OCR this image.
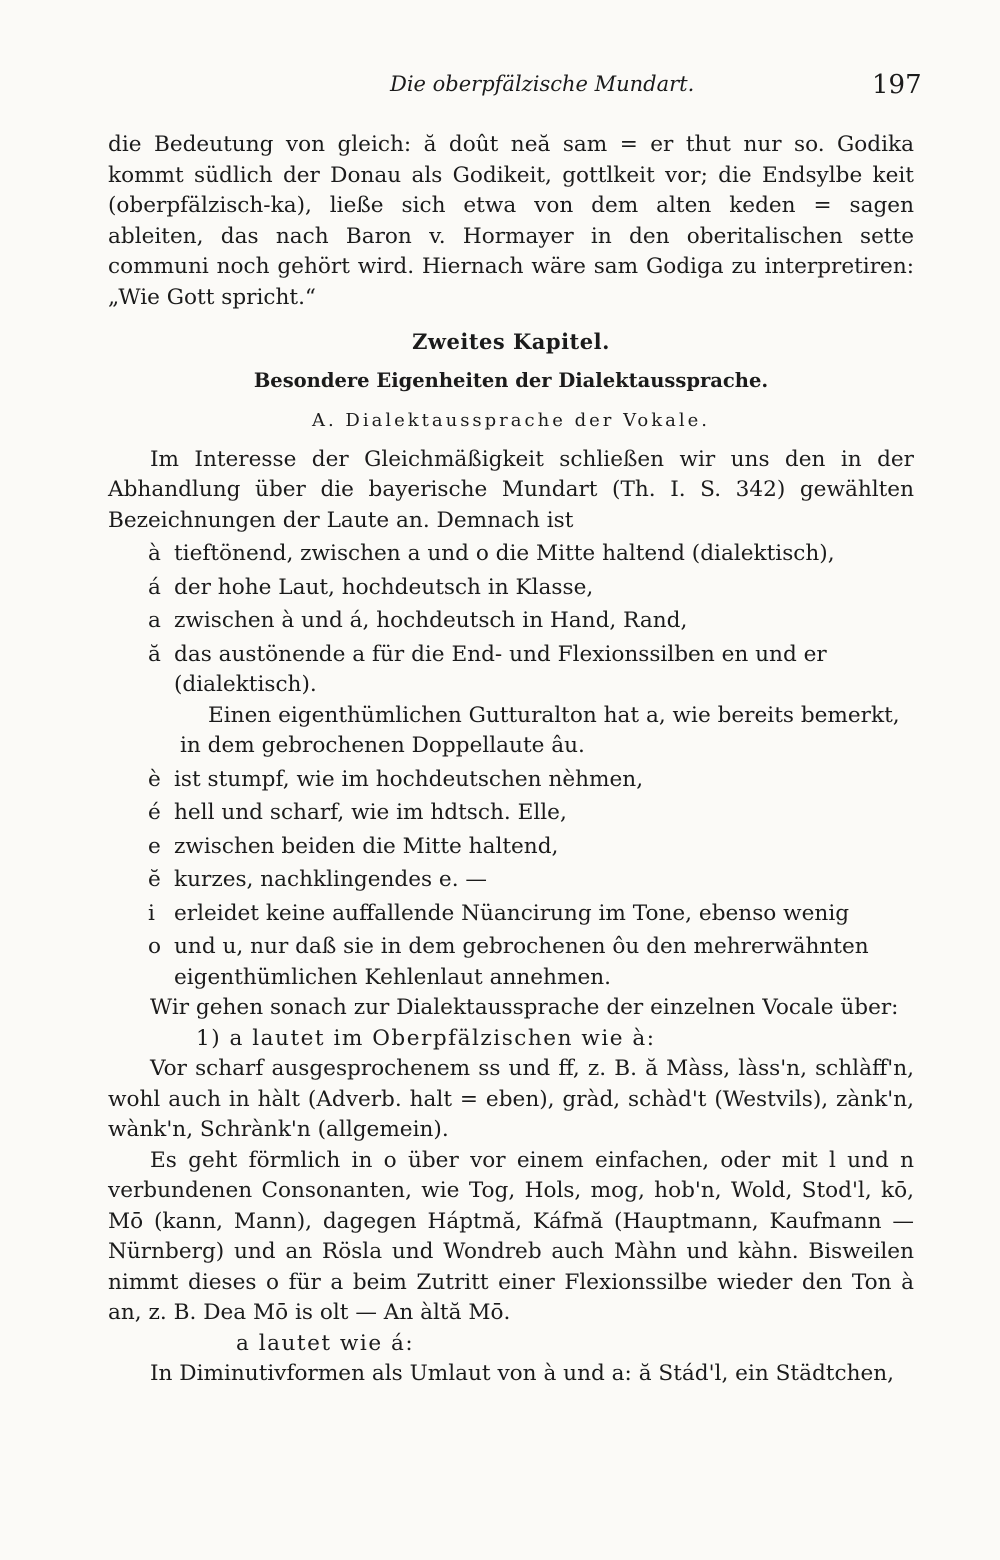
Die oberpfälzische Mundart.	197

die Bedeutung von gleich: ă doût neă sam = er thut nur so. Godika kommt südlich der Donau als Godikeit, gottlkeit vor; die Endsylbe keit (oberpfälzisch-ka), ließe sich etwa von dem alten keden = sagen ableiten, das nach Baron v. Hormayer in den oberitalischen sette communi noch gehört wird. Hiernach wäre sam Godiga zu interpretiren: „Wie Gott spricht.“

Zweites Kapitel.
Besondere Eigenheiten der Dialektaussprache.
A. Dialektaussprache der Vokale.

Im Interesse der Gleichmäßigkeit schließen wir uns den in der Abhandlung über die bayerische Mundart (Th. I. S. 342) gewählten Bezeichnungen der Laute an. Demnach ist

à tieftönend, zwischen a und o die Mitte haltend (dialektisch),
á der hohe Laut, hochdeutsch in Klasse,
a zwischen à und á, hochdeutsch in Hand, Rand,
ă das austönende a für die End- und Flexionssilben en und er (dialektisch).

Einen eigenthümlichen Gutturalton hat a, wie bereits bemerkt, in dem gebrochenen Doppellaute âu.

è ist stumpf, wie im hochdeutschen nèhmen,
é hell und scharf, wie im hdtsch. Elle,
e zwischen beiden die Mitte haltend,
ĕ kurzes, nachklingendes e. —
i erleidet keine auffallende Nüancirung im Tone, ebenso wenig
o und u, nur daß sie in dem gebrochenen ôu den mehrerwähnten eigenthümlichen Kehlenlaut annehmen.

Wir gehen sonach zur Dialektaussprache der einzelnen Vocale über:

1) a lautet im Oberpfälzischen wie à:

Vor scharf ausgesprochenem ss und ff, z. B. ă Màss, làss'n, schlàff'n, wohl auch in hàlt (Adverb. halt = eben), gràd, schàd't (Westvils), zànk'n, wànk'n, Schrànk'n (allgemein).

Es geht förmlich in o über vor einem einfachen, oder mit l und n verbundenen Consonanten, wie Tog, Hols, mog, hob'n, Wold, Stod'l, kō, Mō (kann, Mann), dagegen Háptmă, Káfmă (Hauptmann, Kaufmann — Nürnberg) und an Rösla und Wondreb auch Màhn und kàhn. Bisweilen nimmt dieses o für a beim Zutritt einer Flexionssilbe wieder den Ton à an, z. B. Dea Mō is olt — An àltă Mō.

a lautet wie á:

In Diminutivformen als Umlaut von à und a: ă Stád'l, ein Städtchen,
